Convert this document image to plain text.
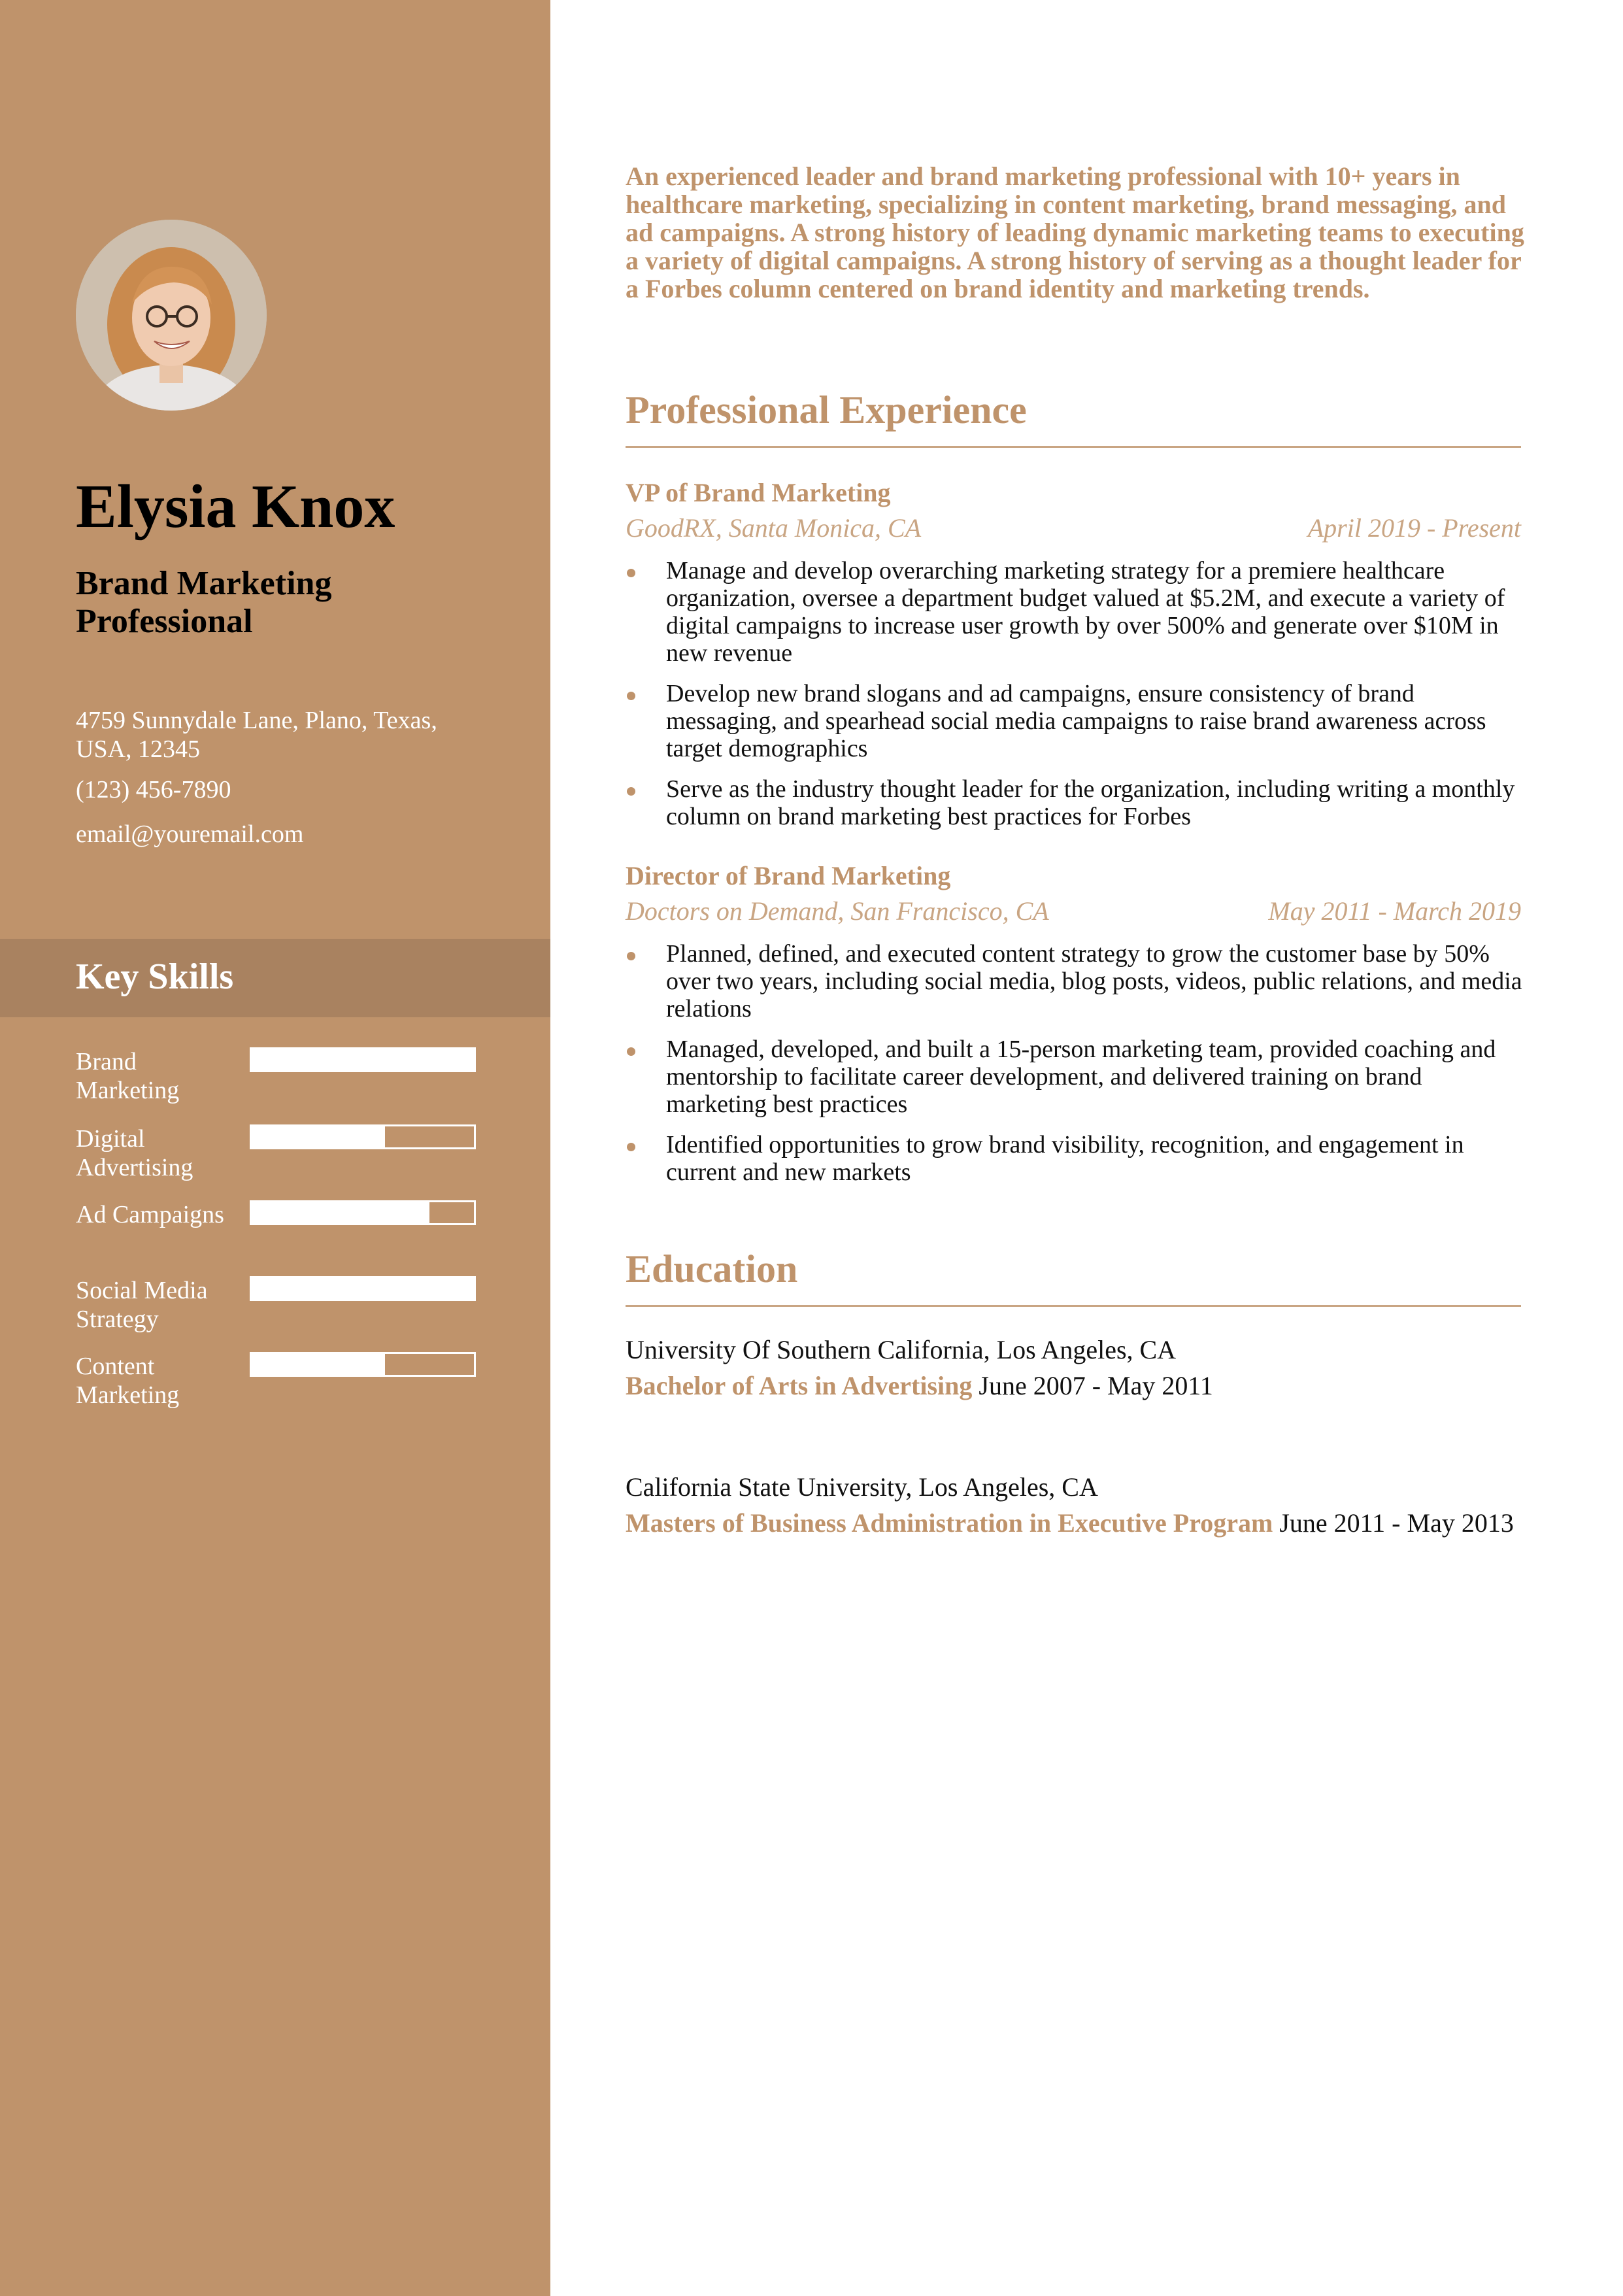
Elysia Knox
Brand Marketing Professional
4759 Sunnydale Lane, Plano, Texas, USA, 12345
(123) 456-7890
email@youremail.com
Key Skills
Brand Marketing
Digital Advertising
Ad Campaigns
Social Media Strategy
Content Marketing
An experienced leader and brand marketing professional with 10+ years in healthcare marketing, specializing in content marketing, brand messaging, and ad campaigns. A strong history of leading dynamic marketing teams to executing a variety of digital campaigns. A strong history of serving as a thought leader for a Forbes column centered on brand identity and marketing trends.
Professional Experience
VP of Brand Marketing
GoodRX, Santa Monica, CA	April 2019 - Present
Manage and develop overarching marketing strategy for a premiere healthcare organization, oversee a department budget valued at $5.2M, and execute a variety of digital campaigns to increase user growth by over 500% and generate over $10M in new revenue
Develop new brand slogans and ad campaigns, ensure consistency of brand messaging, and spearhead social media campaigns to raise brand awareness across target demographics
Serve as the industry thought leader for the organization, including writing a monthly column on brand marketing best practices for Forbes
Director of Brand Marketing
Doctors on Demand, San Francisco, CA	May 2011 - March 2019
Planned, defined, and executed content strategy to grow the customer base by 50% over two years, including social media, blog posts, videos, public relations, and media relations
Managed, developed, and built a 15-person marketing team, provided coaching and mentorship to facilitate career development, and delivered training on brand marketing best practices
Identified opportunities to grow brand visibility, recognition, and engagement in current and new markets
Education
University Of Southern California, Los Angeles, CA
Bachelor of Arts in Advertising June 2007 - May 2011
California State University, Los Angeles, CA
Masters of Business Administration in Executive Program June 2011 - May 2013
